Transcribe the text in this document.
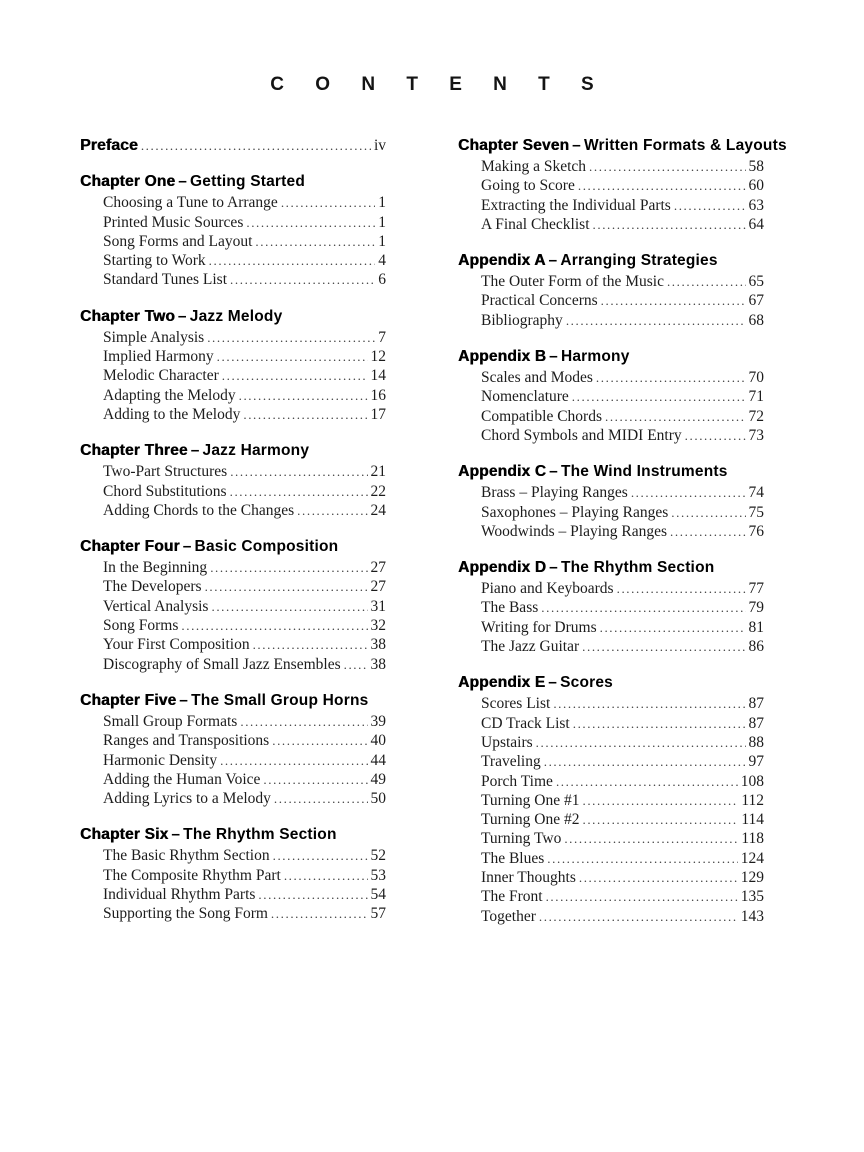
C O N T E N T S
Preface .....	iv
Chapter One – Getting Started
Choosing a Tune to Arrange .....	1
Printed Music Sources .....	1
Song Forms and Layout .....	1
Starting to Work .....	4
Standard Tunes List .....	6
Chapter Two – Jazz Melody
Simple Analysis .....	7
Implied Harmony .....	12
Melodic Character .....	14
Adapting the Melody .....	16
Adding to the Melody .....	17
Chapter Three – Jazz Harmony
Two-Part Structures .....	21
Chord Substitutions .....	22
Adding Chords to the Changes .....	24
Chapter Four – Basic Composition
In the Beginning .....	27
The Developers .....	27
Vertical Analysis .....	31
Song Forms .....	32
Your First Composition .....	38
Discography of Small Jazz Ensembles ..... 38
Chapter Five – The Small Group Horns
Small Group Formats .....	39
Ranges and Transpositions .....	40
Harmonic Density .....	44
Adding the Human Voice .....	49
Adding Lyrics to a Melody .....	50
Chapter Six – The Rhythm Section
The Basic Rhythm Section .....	52
The Composite Rhythm Part .....	53
Individual Rhythm Parts .....	54
Supporting the Song Form .....	57
Chapter Seven – Written Formats & Layouts
Making a Sketch .....	58
Going to Score .....	60
Extracting the Individual Parts .....	63
A Final Checklist .....	64
Appendix A – Arranging Strategies
The Outer Form of the Music .....	65
Practical Concerns .....	67
Bibliography .....	68
Appendix B – Harmony
Scales and Modes .....	70
Nomenclature .....	71
Compatible Chords .....	72
Chord Symbols and MIDI Entry .....	73
Appendix C – The Wind Instruments
Brass – Playing Ranges .....	74
Saxophones – Playing Ranges .....	75
Woodwinds – Playing Ranges .....	76
Appendix D – The Rhythm Section
Piano and Keyboards .....	77
The Bass .....	79
Writing for Drums .....	81
The Jazz Guitar .....	86
Appendix E – Scores
Scores List .....	87
CD Track List .....	87
Upstairs .....	88
Traveling .....	97
Porch Time .....	108
Turning One #1 .....	112
Turning One #2 .....	114
Turning Two .....	118
The Blues .....	124
Inner Thoughts .....	129
The Front .....	135
Together .....	143
